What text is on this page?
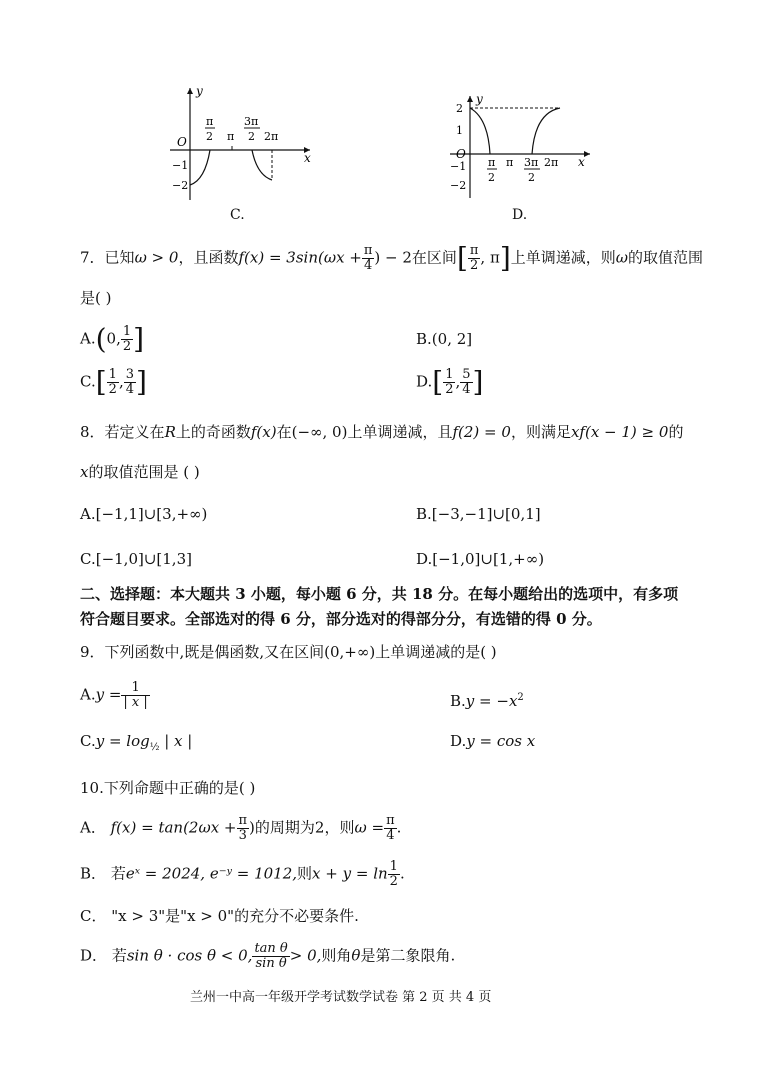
y
x
O
π
2 π
3π
2 2π
−1
−2
C.
2
1
O
−1
−2
π
2
π 3π
2
2π x
y
D.
7．已知ω > 0，且函数$f(x) = 3\sin(\omega x + \frac{\pi}{4}$ ) − 2在区间[ $\frac{\pi}{2}$ , π]上单调递减，则ω的取值范围
是( )
A.(0, $\frac{1}{2}$ ]	B.(0, 2]
$C.[ \frac{1}{2}$ , $\frac{3}{4}$ ]	$D.[ \frac{1}{2}$ , $\frac{5}{4}$ ]
8．若定义在R上的奇函数f(x)在(−∞, 0)上单调递减，且f(2) = 0，则满足xf(x − 1) ≥ 0的
x的取值范围是 ( )
A.[−1,1]∪[3,+∞)	B.[−3,−1]∪[0,1]
C.[−1,0]∪[1,3]	D.[−1,0]∪[1,+∞)
二、选择题：本大题共 3 小题，每小题 6 分，共 18 分。在每小题给出的选项中，有多项
符合题目要求。全部选对的得 6 分，部分选对的得部分分，有选错的得 0 分。
9．下列函数中,既是偶函数,又在区间(0,+∞)上单调递减的是( )
$A.y = \frac{1}{| x |}$	$B.y = -x^2$
$C.y = \log_{\frac{1}{2}}$ | x |	D.y = cos x
10.下列命题中正确的是( )
A． $f(x) = \tan(2\omega x + \frac{\pi}{3}$ )的周期为2，则$\omega = \frac{\pi}{4}$ .
B． 若eˣ = 2024, e⁻ʸ = 1012,则$x + y = \ln \frac{1}{2}$ .
C． "x > 3"是"x > 0"的充分不必要条件.
D． 若sin θ · cos θ < 0, $\frac{\text{tan θ}}{\text{sin θ}} > 0$,则角θ是第二象限角.
兰州一中高一年级开学考试数学试卷 第 2 页 共 4 页
